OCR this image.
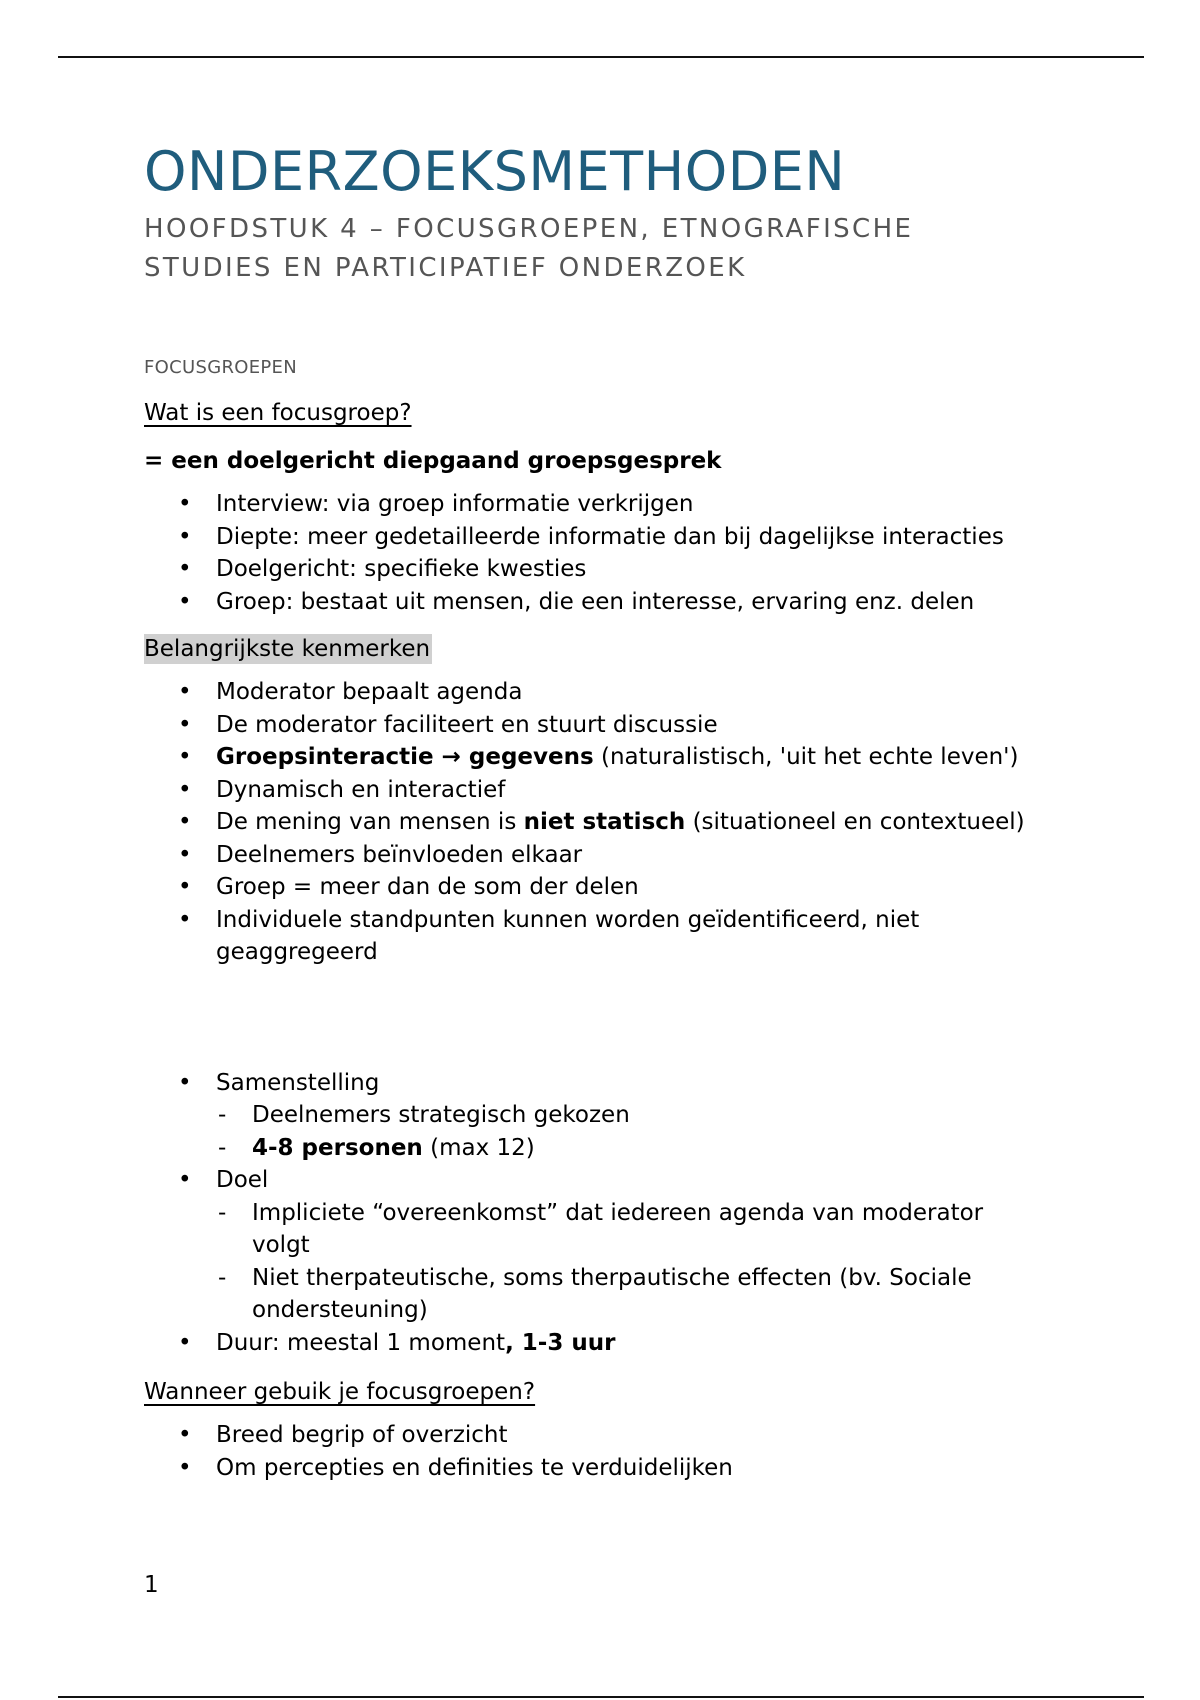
ONDERZOEKSMETHODEN
HOOFDSTUK 4 – FOCUSGROEPEN, ETNOGRAFISCHE
STUDIES EN PARTICIPATIEF ONDERZOEK
FOCUSGROEPEN
Wat is een focusgroep?
= een doelgericht diepgaand groepsgesprek
• Interview: via groep informatie verkrijgen
• Diepte: meer gedetailleerde informatie dan bij dagelijkse interacties
• Doelgericht: specifieke kwesties
• Groep: bestaat uit mensen, die een interesse, ervaring enz. delen
Belangrijkste kenmerken
• Moderator bepaalt agenda
• De moderator faciliteert en stuurt discussie
• Groepsinteractie → gegevens (naturalistisch, 'uit het echte leven')
• Dynamisch en interactief
• De mening van mensen is niet statisch (situationeel en contextueel)
• Deelnemers beïnvloeden elkaar
• Groep = meer dan de som der delen
• Individuele standpunten kunnen worden geïdentificeerd, niet geaggregeerd
• Samenstelling
- Deelnemers strategisch gekozen
- 4-8 personen (max 12)
• Doel
- Impliciete “overeenkomst” dat iedereen agenda van moderator volgt
- Niet therpateutische, soms therpautische effecten (bv. Sociale ondersteuning)
• Duur: meestal 1 moment, 1-3 uur
Wanneer gebuik je focusgroepen?
• Breed begrip of overzicht
• Om percepties en definities te verduidelijken
1
